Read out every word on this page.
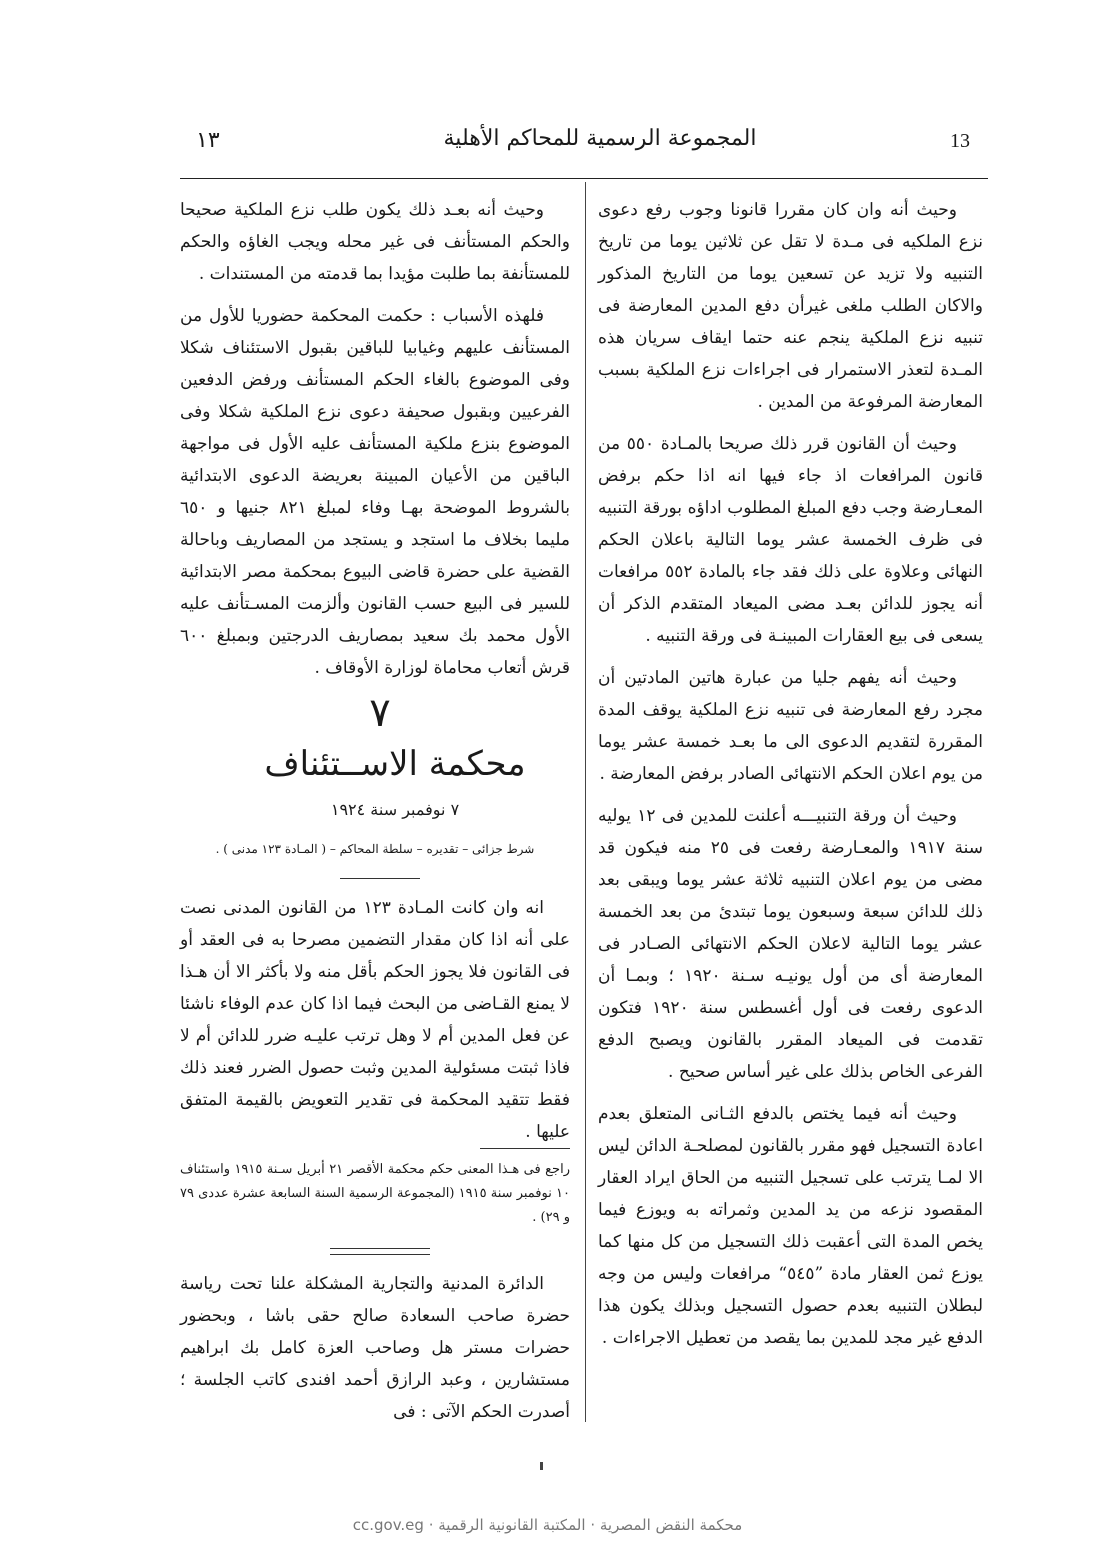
١٣	المجموعة الرسمية للمحاكم الأهلية	13

وحيث أنه وان كان مقررا قانونا وجوب رفع دعوى نزع الملكيه فى مـدة لا تقل عن ثلاثين يوما من تاريخ التنبيه ولا تزيد عن تسعين يوما من التاريخ المذكور والاكان الطلب ملغى غيرأن دفع المدين المعارضة فى تنبيه نزع الملكية ينجم عنه حتما ايقاف سريان هذه المـدة لتعذر الاستمرار فى اجراءات نزع الملكية بسبب المعارضة المرفوعة من المدين .

وحيث أن القانون قرر ذلك صريحا بالمـادة ٥٥٠ من قانون المرافعات اذ جاء فيها انه اذا حكم برفض المعـارضة وجب دفع المبلغ المطلوب اداؤه بورقة التنبيه فى ظرف الخمسة عشر يوما التالية باعلان الحكم النهائى وعلاوة على ذلك فقد جاء بالمادة ٥٥٢ مرافعات أنه يجوز للدائن بعـد مضى الميعاد المتقدم الذكر أن يسعى فى بيع العقارات المبينـة فى ورقة التنبيه .

وحيث أنه يفهم جليا من عبارة هاتين المادتين أن مجرد رفع المعارضة فى تنبيه نزع الملكية يوقف المدة المقررة لتقديم الدعوى الى ما بعـد خمسة عشر يوما من يوم اعلان الحكم الانتهائى الصادر برفض المعارضة .

وحيث أن ورقة التنبيـــه أعلنت للمدين فى ١٢ يوليه سنة ١٩١٧ والمعـارضة رفعت فى ٢٥ منه فيكون قد مضى من يوم اعلان التنبيه ثلاثة عشر يوما ويبقى بعد ذلك للدائن سبعة وسبعون يوما تبتدئ من بعد الخمسة عشر يوما التالية لاعلان الحكم الانتهائى الصـادر فى المعارضة أى من أول يونيـه سـنة ١٩٢٠ ؛ وبمـا أن الدعوى رفعت فى أول أغسطس سنة ١٩٢٠ فتكون تقدمت فى الميعاد المقرر بالقانون ويصبح الدفع الفرعى الخاص بذلك على غير أساس صحيح .

وحيث أنه فيما يختص بالدفع الثـانى المتعلق بعدم اعادة التسجيل فهو مقرر بالقانون لمصلحـة الدائن ليس الا لمـا يترتب على تسجيل التنبيه من الحاق ايراد العقار المقصود نزعه من يد المدين وثمراته به ويوزع فيما يخص المدة التى أعقبت ذلك التسجيل من كل منها كما يوزع ثمن العقار مادة ”٥٤٥“ مرافعات وليس من وجه لبطلان التنبيه بعدم حصول التسجيل وبذلك يكون هذا الدفع غير مجد للمدين بما يقصد من تعطيل الاجراءات .

وحيث أنه بعـد ذلك يكون طلب نزع الملكية صحيحا والحكم المستأنف فى غير محله ويجب الغاؤه والحكم للمستأنفة بما طلبت مؤيدا بما قدمته من المستندات .

فلهذه الأسباب : حكمت المحكمة حضوريا للأول من المستأنف عليهم وغيابيا للباقين بقبول الاستئناف شكلا وفى الموضوع بالغاء الحكم المستأنف ورفض الدفعين الفرعيين وبقبول صحيفة دعوى نزع الملكية شكلا وفى الموضوع بنزع ملكية المستأنف عليه الأول فى مواجهة الباقين من الأعيان المبينة بعريضة الدعوى الابتدائية بالشروط الموضحة بهـا وفاء لمبلغ ٨٢١ جنيها و ٦٥٠ مليما بخلاف ما استجد و يستجد من المصاريف وباحالة القضية على حضرة قاضى البيوع بمحكمة مصر الابتدائية للسير فى البيع حسب القانون وألزمت المسـتأنف عليه الأول محمد بك سعيد بمصاريف الدرجتين وبمبلغ ٦٠٠ قرش أتعاب محاماة لوزارة الأوقاف .

٧
محكمة الاســتئناف
٧ نوفمبر سنة ١٩٢٤
شرط جزائى – تقديره – سلطة المحاكم – ( المـادة ١٢٣ مدنى ) .

انه وان كانت المـادة ١٢٣ من القانون المدنى نصت على أنه اذا كان مقدار التضمين مصرحا به فى العقد أو فى القانون فلا يجوز الحكم بأقل منه ولا بأكثر الا أن هـذا لا يمنع القـاضى من البحث فيما اذا كان عدم الوفاء ناشئا عن فعل المدين أم لا وهل ترتب عليـه ضرر للدائن أم لا فاذا ثبتت مسئولية المدين وثبت حصول الضرر فعند ذلك فقط تتقيد المحكمة فى تقدير التعويض بالقيمة المتفق عليها .

راجع فى هـذا المعنى حكم محكمة الأقصر ٢١ أبريل سـنة ١٩١٥ واستئناف ١٠ نوفمبر سنة ١٩١٥ (المجموعة الرسمية السنة السابعة عشرة عددى ٧٩ و ٢٩) .

الدائرة المدنية والتجارية المشكلة علنا تحت رياسة حضرة صاحب السعادة صالح حقى باشا ، وبحضور حضرات مستر هل وصاحب العزة كامل بك ابراهيم مستشارين ، وعبد الرازق أحمد افندى كاتب الجلسة ؛ أصدرت الحكم الآتى : فى

cc.gov.eg · محكمة النقض المصرية · المكتبة القانونية الرقمية
